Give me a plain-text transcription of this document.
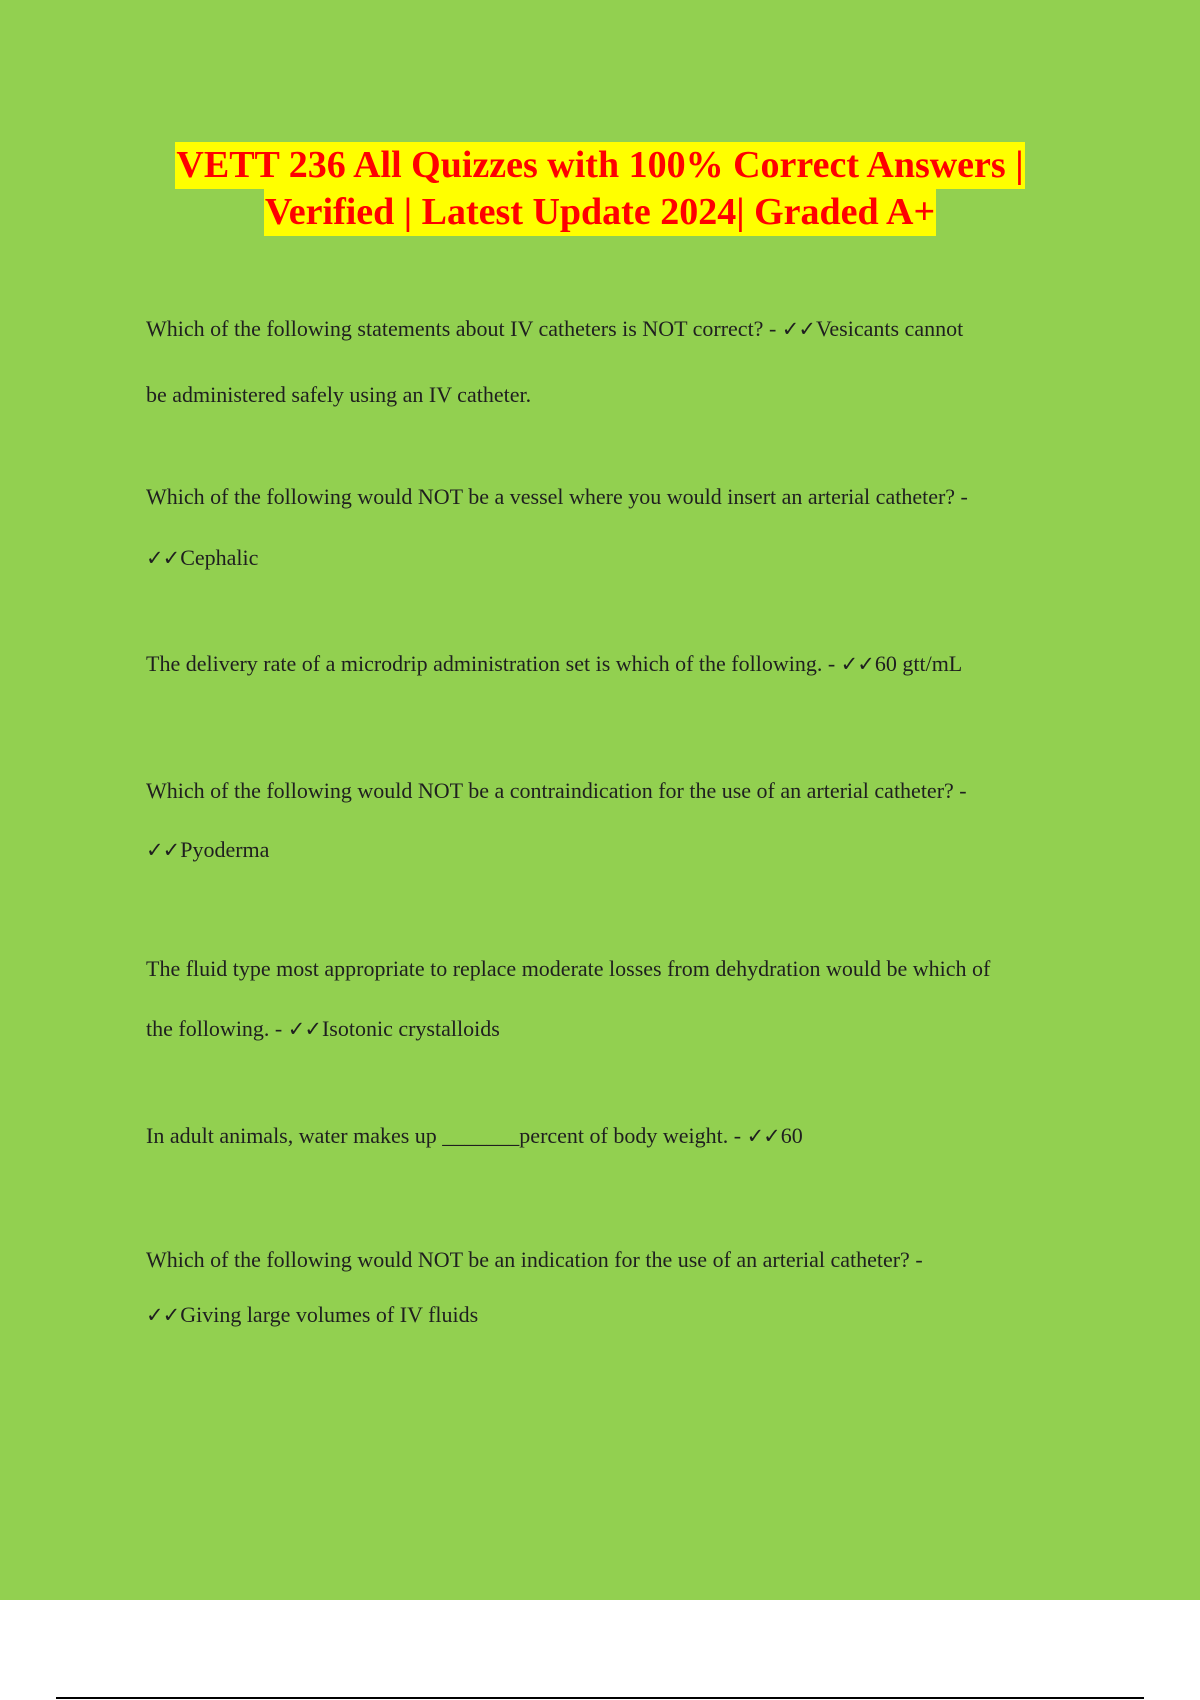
VETT 236 All Quizzes with 100% Correct Answers |
Verified | Latest Update 2024| Graded A+
Which of the following statements about IV catheters is NOT correct? - ✓✓Vesicants cannot
be administered safely using an IV catheter.
Which of the following would NOT be a vessel where you would insert an arterial catheter? -
✓✓Cephalic
The delivery rate of a microdrip administration set is which of the following. - ✓✓60 gtt/mL
Which of the following would NOT be a contraindication for the use of an arterial catheter? -
✓✓Pyoderma
The fluid type most appropriate to replace moderate losses from dehydration would be which of
the following. - ✓✓Isotonic crystalloids
In adult animals, water makes up _______percent of body weight. - ✓✓60
Which of the following would NOT be an indication for the use of an arterial catheter? -
✓✓Giving large volumes of IV fluids
